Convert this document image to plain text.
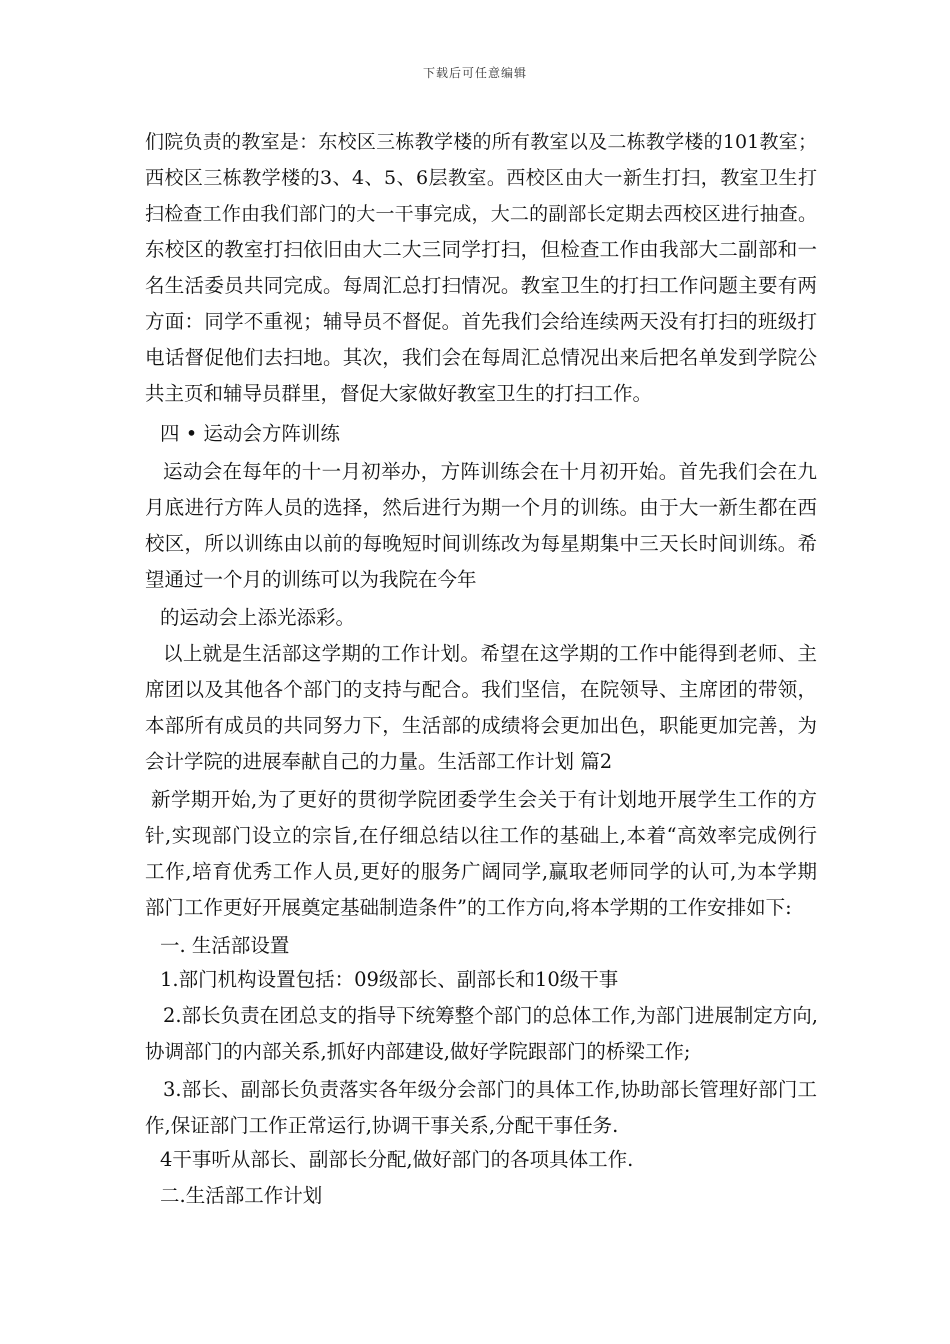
下载后可任意编辑
们院负责的教室是：东校区三栋教学楼的所有教室以及二栋教学楼的101教室；
西校区三栋教学楼的3、4、5、6层教室。西校区由大一新生打扫，教室卫生打
扫检查工作由我们部门的大一干事完成，大二的副部长定期去西校区进行抽查。
东校区的教室打扫依旧由大二大三同学打扫，但检查工作由我部大二副部和一
名生活委员共同完成。每周汇总打扫情况。教室卫生的打扫工作问题主要有两
方面：同学不重视；辅导员不督促。首先我们会给连续两天没有打扫的班级打
电话督促他们去扫地。其次，我们会在每周汇总情况出来后把名单发到学院公
共主页和辅导员群里，督促大家做好教室卫生的打扫工作。
四 • 运动会方阵训练
运动会在每年的十一月初举办，方阵训练会在十月初开始。首先我们会在九
月底进行方阵人员的选择，然后进行为期一个月的训练。由于大一新生都在西
校区，所以训练由以前的每晚短时间训练改为每星期集中三天长时间训练。希
望通过一个月的训练可以为我院在今年
的运动会上添光添彩。
以上就是生活部这学期的工作计划。希望在这学期的工作中能得到老师、主
席团以及其他各个部门的支持与配合。我们坚信，在院领导、主席团的带领，
本部所有成员的共同努力下，生活部的成绩将会更加出色，职能更加完善，为
会计学院的进展奉献自己的力量。生活部工作计划 篇2
新学期开始,为了更好的贯彻学院团委学生会关于有计划地开展学生工作的方
针,实现部门设立的宗旨,在仔细总结以往工作的基础上,本着“高效率完成例行
工作,培育优秀工作人员,更好的服务广阔同学,赢取老师同学的认可,为本学期
部门工作更好开展奠定基础制造条件”的工作方向,将本学期的工作安排如下:
一. 生活部设置
1.部门机构设置包括：09级部长、副部长和10级干事
2.部长负责在团总支的指导下统筹整个部门的总体工作,为部门进展制定方向,
协调部门的内部关系,抓好内部建设,做好学院跟部门的桥梁工作;
3.部长、副部长负责落实各年级分会部门的具体工作,协助部长管理好部门工
作,保证部门工作正常运行,协调干事关系,分配干事任务.
4干事听从部长、副部长分配,做好部门的各项具体工作.
二.生活部工作计划
